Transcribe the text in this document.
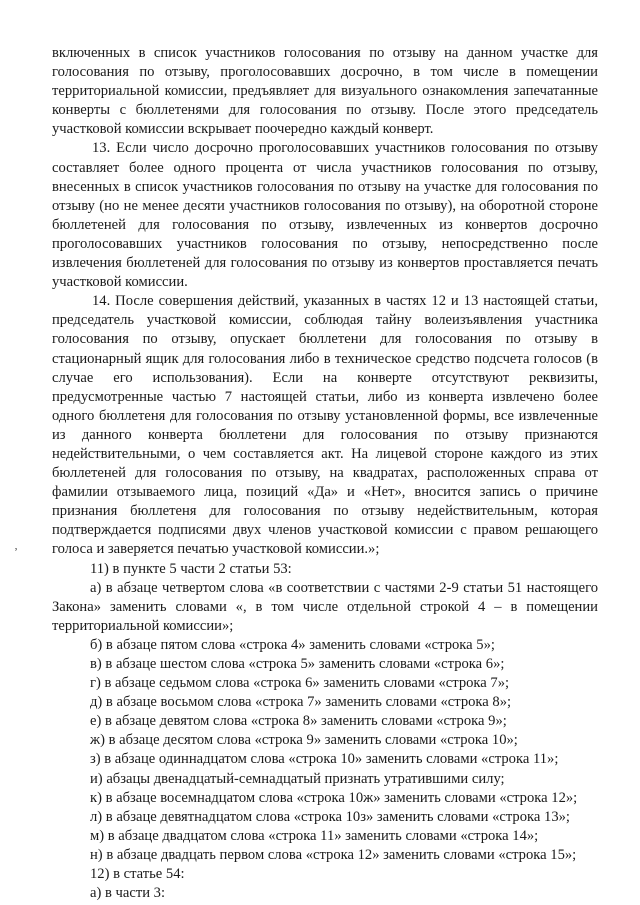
включенных в список участников голосования по отзыву на данном участке для голосования по отзыву, проголосовавших досрочно, в том числе в помещении территориальной комиссии, предъявляет для визуального ознакомления запечатанные конверты с бюллетенями для голосования по отзыву. После этого председатель участковой комиссии вскрывает поочередно каждый конверт.

13. Если число досрочно проголосовавших участников голосования по отзыву составляет более одного процента от числа участников голосования по отзыву, внесенных в список участников голосования по отзыву на участке для голосования по отзыву (но не менее десяти участников голосования по отзыву), на оборотной стороне бюллетеней для голосования по отзыву, извлеченных из конвертов досрочно проголосовавших участников голосования по отзыву, непосредственно после извлечения бюллетеней для голосования по отзыву из конвертов проставляется печать участковой комиссии.

14. После совершения действий, указанных в частях 12 и 13 настоящей статьи, председатель участковой комиссии, соблюдая тайну волеизъявления участника голосования по отзыву, опускает бюллетени для голосования по отзыву в стационарный ящик для голосования либо в техническое средство подсчета голосов (в случае его использования). Если на конверте отсутствуют реквизиты, предусмотренные частью 7 настоящей статьи, либо из конверта извлечено более одного бюллетеня для голосования по отзыву установленной формы, все извлеченные из данного конверта бюллетени для голосования по отзыву признаются недействительными, о чем составляется акт. На лицевой стороне каждого из этих бюллетеней для голосования по отзыву, на квадратах, расположенных справа от фамилии отзываемого лица, позиций «Да» и «Нет», вносится запись о причине признания бюллетеня для голосования по отзыву недействительным, которая подтверждается подписями двух членов участковой комиссии с правом решающего голоса и заверяется печатью участковой комиссии.»;

11) в пункте 5 части 2 статьи 53:

а) в абзаце четвертом слова «в соответствии с частями 2-9 статьи 51 настоящего Закона» заменить словами «, в том числе отдельной строкой 4 – в помещении территориальной комиссии»;

б) в абзаце пятом слова «строка 4» заменить словами «строка 5»;

в) в абзаце шестом слова «строка 5» заменить словами «строка 6»;

г) в абзаце седьмом слова «строка 6» заменить словами «строка 7»;

д) в абзаце восьмом слова «строка 7» заменить словами «строка 8»;

е) в абзаце девятом слова «строка 8» заменить словами «строка 9»;

ж) в абзаце десятом слова «строка 9» заменить словами «строка 10»;

з) в абзаце одиннадцатом слова «строка 10» заменить словами «строка 11»;

и) абзацы двенадцатый-семнадцатый признать утратившими силу;

к) в абзаце восемнадцатом слова «строка 10ж» заменить словами «строка 12»;

л) в абзаце девятнадцатом слова «строка 10з» заменить словами «строка 13»;

м) в абзаце двадцатом слова «строка 11» заменить словами «строка 14»;

н) в абзаце двадцать первом слова «строка 12» заменить словами «строка 15»;

12) в статье 54:

а) в части 3:

‚
